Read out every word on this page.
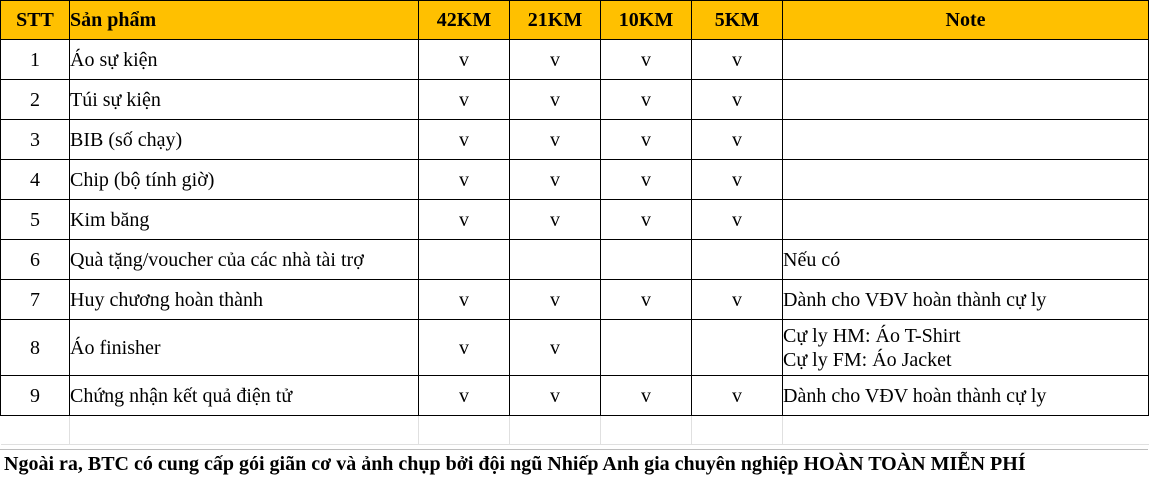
STT	Sản phẩm	42KM	21KM	10KM	5KM	Note
1	Áo sự kiện	v	v	v	v	
2	Túi sự kiện	v	v	v	v	
3	BIB (số chạy)	v	v	v	v	
4	Chip (bộ tính giờ)	v	v	v	v	
5	Kim băng	v	v	v	v	
6	Quà tặng/voucher của các nhà tài trợ					Nếu có
7	Huy chương hoàn thành	v	v	v	v	Dành cho VĐV hoàn thành cự ly
8	Áo finisher	v	v			Cự ly HM: Áo T-Shirt
Cự ly FM: Áo Jacket

9	Chứng nhận kết quả điện tử	v	v	v	v	Dành cho VĐV hoàn thành cự ly

Ngoài ra, BTC có cung cấp gói giãn cơ và ảnh chụp bởi đội ngũ Nhiếp Anh gia chuyên nghiệp HOÀN TOÀN MIỄN PHÍ
